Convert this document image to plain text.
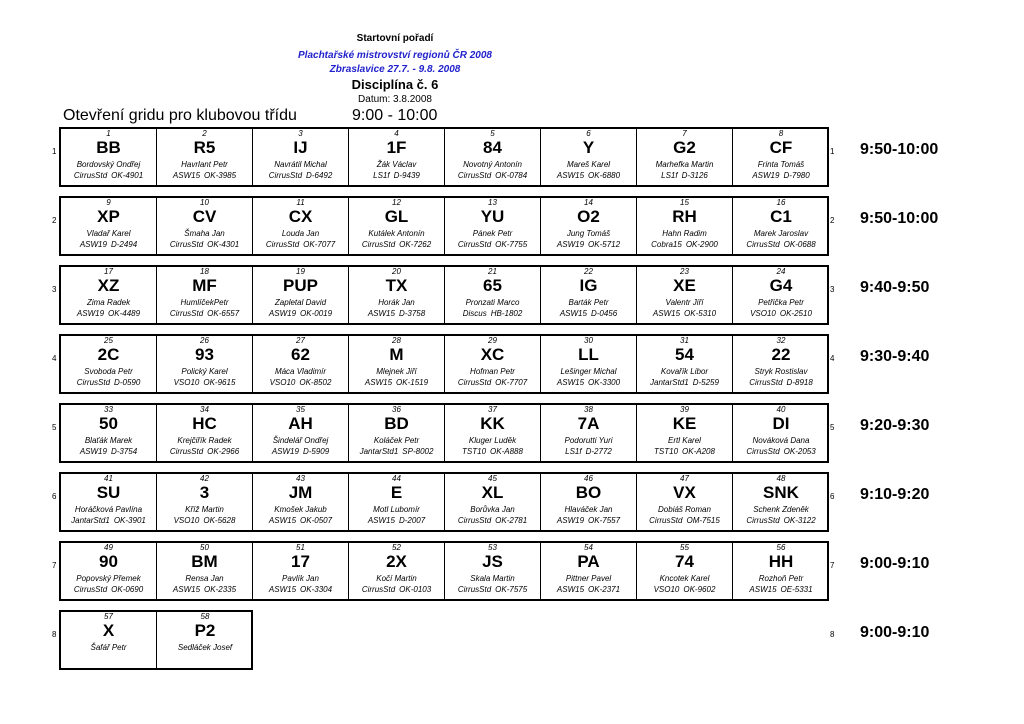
Startovní pořadí
Plachtařské mistrovství regionů ČR 2008
Zbraslavice 27.7. - 9.8. 2008
Disciplína č. 6
Datum: 3.8.2008
Otevření gridu pro klubovou třídu	9:00 - 10:00
1
1
BB
Bordovský Ondřej
CirrusStd OK-4901
2
R5
Havrlant Petr
ASW15 OK-3985
3
IJ
Navrátil Michal
CirrusStd D-6492
4
1F
Žák Václav
LS1f D-9439
5
84
Novotný Antonín
CirrusStd OK-0784
6
Y
Mareš Karel
ASW15 OK-6880
7
G2
Marhefka Martin
LS1f D-3126
8
CF
Frinta Tomáš
ASW19 D-7980
1 9:50-10:00
2
9
XP
Vladař Karel
ASW19 D-2494
10
CV
Šmaha Jan
CirrusStd OK-4301
11
CX
Louda Jan
CirrusStd OK-7077
12
GL
Kutálek Antonín
CirrusStd OK-7262
13
YU
Pánek Petr
CirrusStd OK-7755
14
O2
Jung Tomáš
ASW19 OK-5712
15
RH
Hahn Radim
Cobra15 OK-2900
16
C1
Marek Jaroslav
CirrusStd OK-0688
2 9:50-10:00
3
17
XZ
Zima Radek
ASW19 OK-4489
18
MF
HumlíčekPetr
CirrusStd OK-6557
19
PUP
Zapletal David
ASW19 OK-0019
20
TX
Horák Jan
ASW15 D-3758
21
65
Pronzati Marco
Discus HB-1802
22
IG
Barták Petr
ASW15 D-0456
23
XE
Valentr Jiří
ASW15 OK-5310
24
G4
Petřička Petr
VSO10 OK-2510
3 9:40-9:50
4
25
2C
Svoboda Petr
CirrusStd D-0590
26
93
Polický Karel
VSO10 OK-9615
27
62
Máca Vladimír
VSO10 OK-8502
28
M
Mlejnek Jiří
ASW15 OK-1519
29
XC
Hofman Petr
CirrusStd OK-7707
30
LL
Lešinger Michal
ASW15 OK-3300
31
54
Kovařík Libor
JantarStd1 D-5259
32
22
Stryk Rostislav
CirrusStd D-8918
4 9:30-9:40
5
33
50
Blaťák Marek
ASW19 D-3754
34
HC
Krejčiřík Radek
CirrusStd OK-2966
35
AH
Šindelář Ondřej
ASW19 D-5909
36
BD
Koláček Petr
JantarStd1 SP-8002
37
KK
Kluger Luděk
TST10 OK-A888
38
7A
Podorutti Yuri
LS1f D-2772
39
KE
Ertl Karel
TST10 OK-A208
40
DI
Nováková Dana
CirrusStd OK-2053
5 9:20-9:30
6
41
SU
Horáčková Pavlína
JantarStd1 OK-3901
42
3
Kříž Martin
VSO10 OK-5628
43
JM
Kmošek Jakub
ASW15 OK-0507
44
E
Motl Lubomír
ASW15 D-2007
45
XL
Borůvka Jan
CirrusStd OK-2781
46
BO
Hlaváček Jan
ASW19 OK-7557
47
VX
Dobiáš Roman
CirrusStd OM-7515
48
SNK
Schenk Zdeněk
CirrusStd OK-3122
6 9:10-9:20
7
49
90
Popovský Přemek
CirrusStd OK-0690
50
BM
Rensa Jan
ASW15 OK-2335
51
17
Pavlík Jan
ASW15 OK-3304
52
2X
Kočí Martin
CirrusStd OK-0103
53
JS
Skala Martin
CirrusStd OK-7575
54
PA
Pittner Pavel
ASW15 OK-2371
55
74
Kncotek Karel
VSO10 OK-9602
56
HH
Rozhoň Petr
ASW15 OE-5331
7 9:00-9:10
8
57
X
Šafář Petr
58
P2
Sedláček Josef
8 9:00-9:10
